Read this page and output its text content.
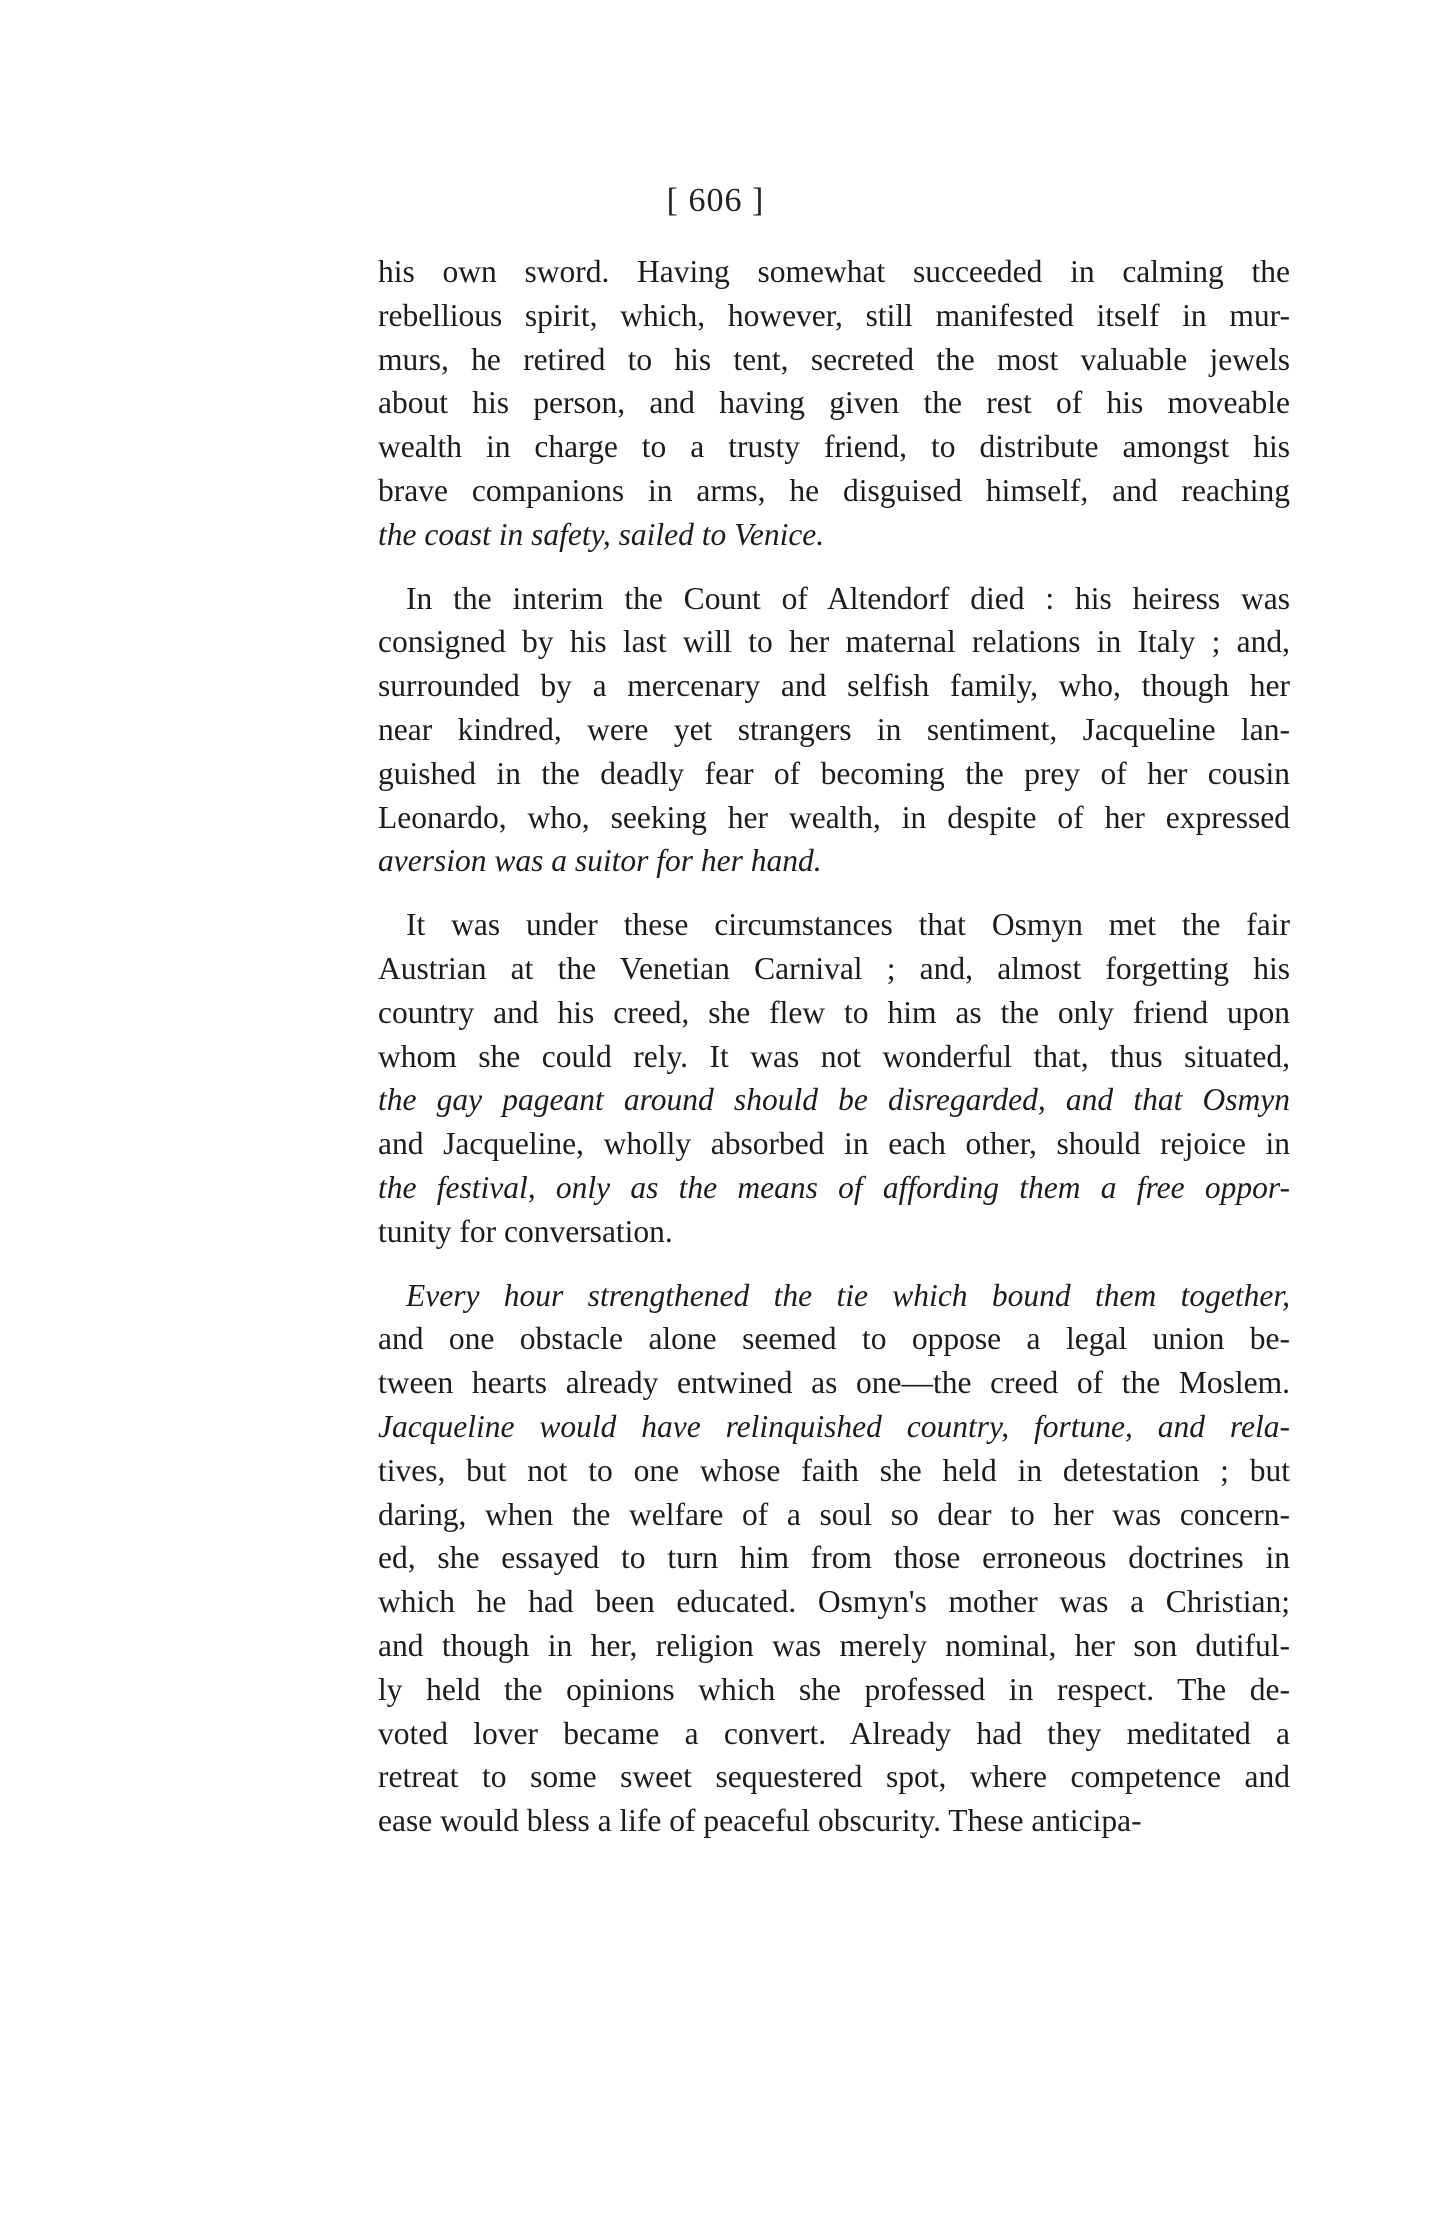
[ 606 ]
his own sword. Having somewhat succeeded in calming the
rebellious spirit, which, however, still manifested itself in mur-
murs, he retired to his tent, secreted the most valuable jewels
about his person, and having given the rest of his moveable
wealth in charge to a trusty friend, to distribute amongst his
brave companions in arms, he disguised himself, and reaching
the coast in safety, sailed to Venice.
In the interim the Count of Altendorf died : his heiress was
consigned by his last will to her maternal relations in Italy ; and,
surrounded by a mercenary and selfish family, who, though her
near kindred, were yet strangers in sentiment, Jacqueline lan-
guished in the deadly fear of becoming the prey of her cousin
Leonardo, who, seeking her wealth, in despite of her expressed
aversion was a suitor for her hand.
It was under these circumstances that Osmyn met the fair
Austrian at the Venetian Carnival ; and, almost forgetting his
country and his creed, she flew to him as the only friend upon
whom she could rely. It was not wonderful that, thus situated,
the gay pageant around should be disregarded, and that Osmyn
and Jacqueline, wholly absorbed in each other, should rejoice in
the festival, only as the means of affording them a free oppor-
tunity for conversation.
Every hour strengthened the tie which bound them together,
and one obstacle alone seemed to oppose a legal union be-
tween hearts already entwined as one—the creed of the Moslem.
Jacqueline would have relinquished country, fortune, and rela-
tives, but not to one whose faith she held in detestation ; but
daring, when the welfare of a soul so dear to her was concern-
ed, she essayed to turn him from those erroneous doctrines in
which he had been educated. Osmyn's mother was a Christian;
and though in her, religion was merely nominal, her son dutiful-
ly held the opinions which she professed in respect. The de-
voted lover became a convert. Already had they meditated a
retreat to some sweet sequestered spot, where competence and
ease would bless a life of peaceful obscurity. These anticipa-
